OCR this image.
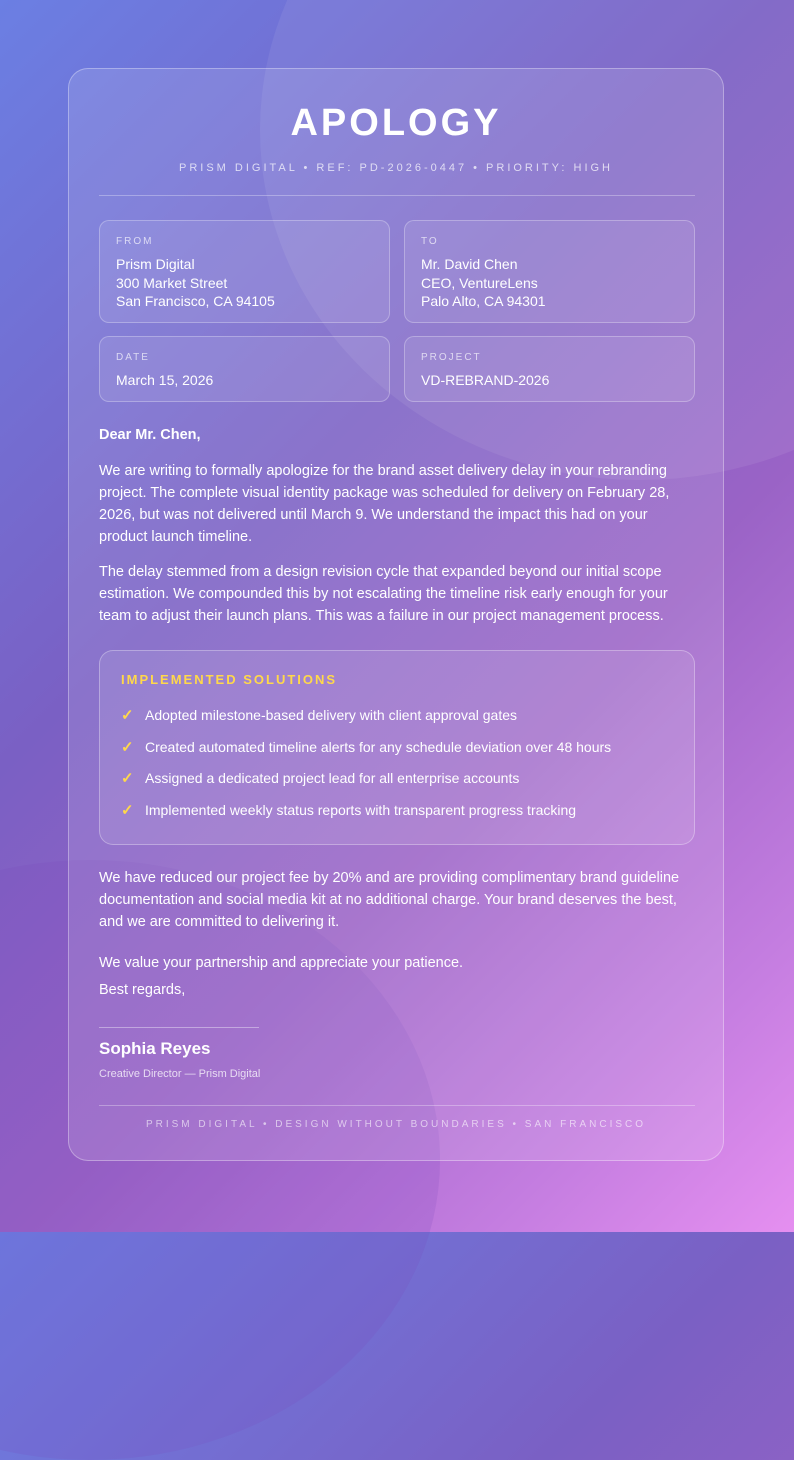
APOLOGY
PRISM DIGITAL • REF: PD-2026-0447 • PRIORITY: HIGH
FROM
Prism Digital
300 Market Street
San Francisco, CA 94105
TO
Mr. David Chen
CEO, VentureLens
Palo Alto, CA 94301
DATE
March 15, 2026
PROJECT
VD-REBRAND-2026
Dear Mr. Chen,

We are writing to formally apologize for the brand asset delivery delay in your rebranding project. The complete visual identity package was scheduled for delivery on February 28, 2026, but was not delivered until March 9. We understand the impact this had on your product launch timeline.

The delay stemmed from a design revision cycle that expanded beyond our initial scope estimation. We compounded this by not escalating the timeline risk early enough for your team to adjust their launch plans. This was a failure in our project management process.

IMPLEMENTED SOLUTIONS
✓ Adopted milestone-based delivery with client approval gates
✓ Created automated timeline alerts for any schedule deviation over 48 hours
✓ Assigned a dedicated project lead for all enterprise accounts
✓ Implemented weekly status reports with transparent progress tracking

We have reduced our project fee by 20% and are providing complimentary brand guideline documentation and social media kit at no additional charge. Your brand deserves the best, and we are committed to delivering it.

We value your partnership and appreciate your patience.

Best regards,

Sophia Reyes
Creative Director — Prism Digital
PRISM DIGITAL • DESIGN WITHOUT BOUNDARIES • SAN FRANCISCO
